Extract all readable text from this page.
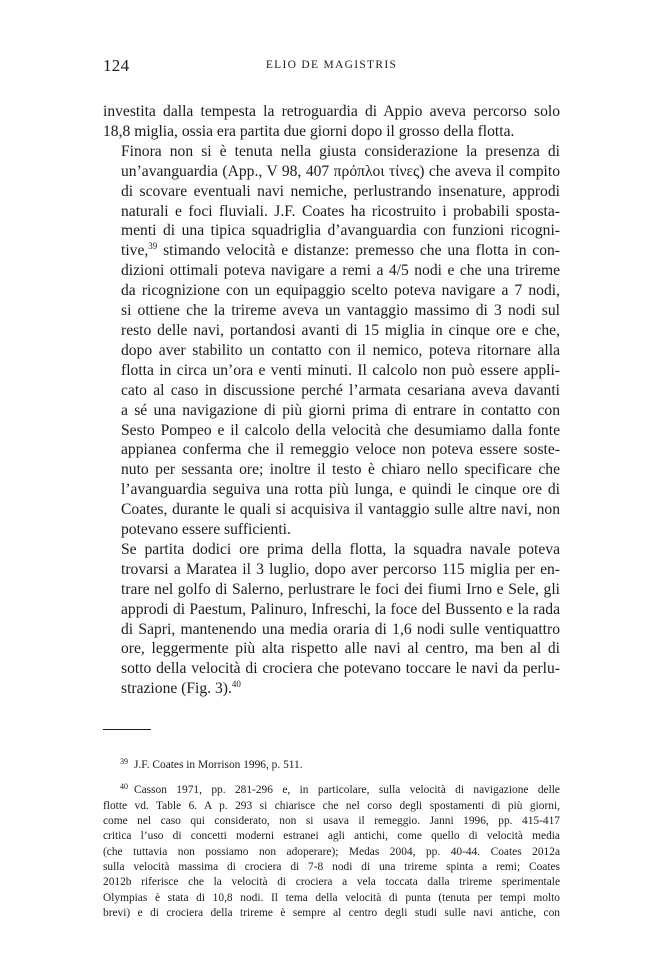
124	ELIO DE MAGISTRIS

investita dalla tempesta la retroguardia di Appio aveva percorso solo
18,8 miglia, ossia era partita due giorni dopo il grosso della flotta.

Finora non si è tenuta nella giusta considerazione la presenza di
un’avanguardia (App., V 98, 407 πρόπλοι τίνες) che aveva il compito
di scovare eventuali navi nemiche, perlustrando insenature, approdi
naturali e foci fluviali. J.F. Coates ha ricostruito i probabili sposta-
menti di una tipica squadriglia d’avanguardia con funzioni ricogni-
tive,$^{39}$ stimando velocità e distanze: premesso che una flotta in con-
dizioni ottimali poteva navigare a remi a 4/5 nodi e che una trireme
da ricognizione con un equipaggio scelto poteva navigare a 7 nodi,
si ottiene che la trireme aveva un vantaggio massimo di 3 nodi sul
resto delle navi, portandosi avanti di 15 miglia in cinque ore e che,
dopo aver stabilito un contatto con il nemico, poteva ritornare alla
flotta in circa un’ora e venti minuti. Il calcolo non può essere appli-
cato al caso in discussione perché l’armata cesariana aveva davanti
a sé una navigazione di più giorni prima di entrare in contatto con
Sesto Pompeo e il calcolo della velocità che desumiamo dalla fonte
appianea conferma che il remeggio veloce non poteva essere soste-
nuto per sessanta ore; inoltre il testo è chiaro nello specificare che
l’avanguardia seguiva una rotta più lunga, e quindi le cinque ore di
Coates, durante le quali si acquisiva il vantaggio sulle altre navi, non
potevano essere sufficienti.

Se partita dodici ore prima della flotta, la squadra navale poteva
trovarsi a Maratea il 3 luglio, dopo aver percorso 115 miglia per en-
trare nel golfo di Salerno, perlustrare le foci dei fiumi Irno e Sele, gli
approdi di Paestum, Palinuro, Infreschi, la foce del Bussento e la rada
di Sapri, mantenendo una media oraria di 1,6 nodi sulle ventiquattro
ore, leggermente più alta rispetto alle navi al centro, ma ben al di
sotto della velocità di crociera che potevano toccare le navi da perlu-
strazione (Fig. 3).$^{40}$

$^{39}$ J.F. Coates in Morrison 1996, p. 511.
$^{40}$ Casson 1971, pp. 281-296 e, in particolare, sulla velocità di navigazione delle
flotte vd. Table 6. A p. 293 si chiarisce che nel corso degli spostamenti di più giorni,
come nel caso qui considerato, non si usava il remeggio. Janni 1996, pp. 415-417
critica l’uso di concetti moderni estranei agli antichi, come quello di velocità media
(che tuttavia non possiamo non adoperare); Medas 2004, pp. 40-44. Coates 2012a
sulla velocità massima di crociera di 7-8 nodi di una trireme spinta a remi; Coates
2012b riferisce che la velocità di crociera a vela toccata dalla trireme sperimentale
Olympias è stata di 10,8 nodi. Il tema della velocità di punta (tenuta per tempi molto
brevi) e di crociera della trireme è sempre al centro degli studi sulle navi antiche, con
